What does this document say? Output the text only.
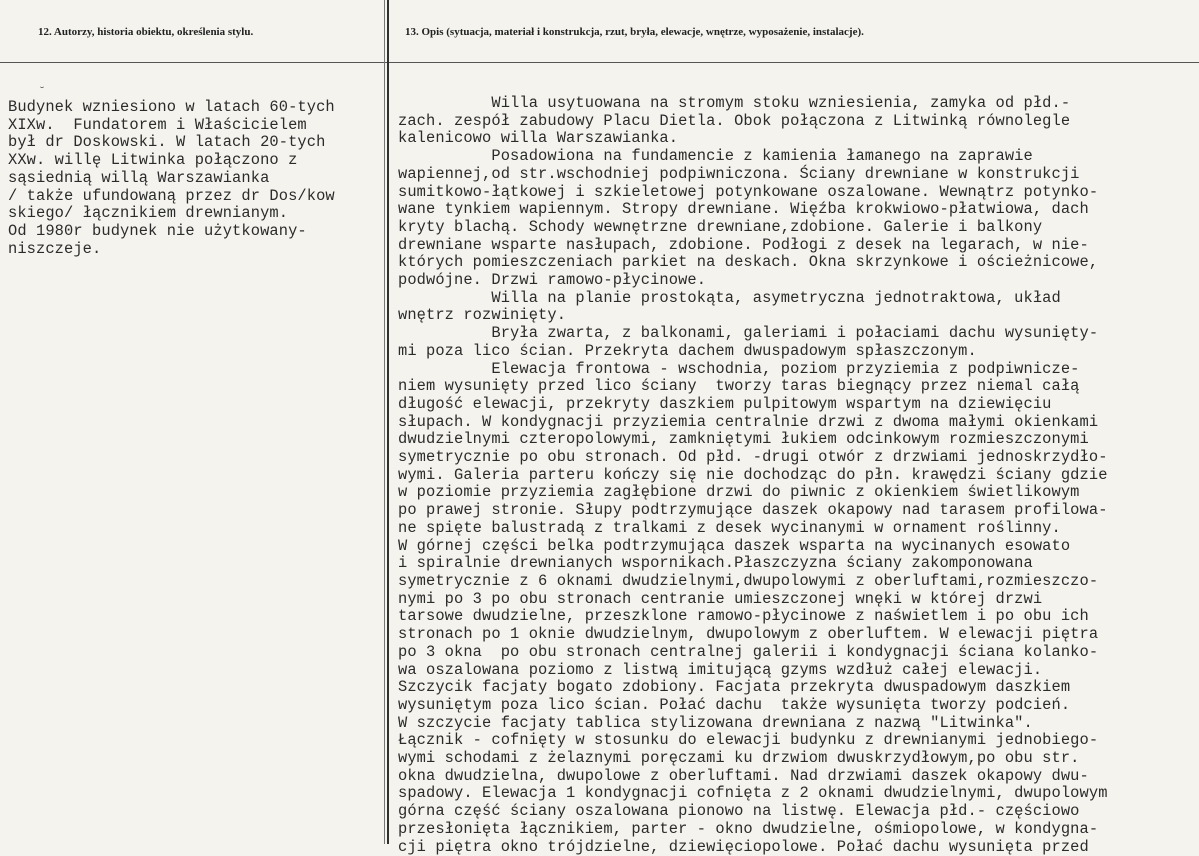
12. Autorzy, historia obiektu, określenia stylu.	13. Opis (sytuacja, materiał i konstrukcja, rzut, bryła, elewacje, wnętrze, wyposażenie, instalacje).
Budynek wzniesiono w latach 60-tych
XIXw.  Fundatorem i Właścicielem
był dr Doskowski. W latach 20-tych
XXw. willę Litwinka połączono z
sąsiednią willą Warszawianka
/ także ufundowaną przez dr Dos/kow
skiego/ łącznikiem drewnianym.
Od 1980r budynek nie użytkowany-
niszczeje.
Willa usytuowana na stromym stoku wzniesienia, zamyka od płd.-
zach. zespół zabudowy Placu Dietla. Obok połączona z Litwinką równolegle
kalenicowo willa Warszawianka.
Posadowiona na fundamencie z kamienia łamanego na zaprawie
wapiennej,od str.wschodniej podpiwniczona. Ściany drewniane w konstrukcji
sumitkowo-łątkowej i szkieletowej potynkowane oszalowane. Wewnątrz potynko-
wane tynkiem wapiennym. Stropy drewniane. Więźba krokwiowo-płatwiowa, dach
kryty blachą. Schody wewnętrzne drewniane,zdobione. Galerie i balkony
drewniane wsparte nasłupach, zdobione. Podłogi z desek na legarach, w nie-
których pomieszczeniach parkiet na deskach. Okna skrzynkowe i ościeżnicowe,
podwójne. Drzwi ramowo-płycinowe.
Willa na planie prostokąta, asymetryczna jednotraktowa, układ
wnętrz rozwinięty.
Bryła zwarta, z balkonami, galeriami i połaciami dachu wysunięty-
mi poza lico ścian. Przekryta dachem dwuspadowym spłaszczonym.
Elewacja frontowa - wschodnia, poziom przyziemia z podpiwnicze-
niem wysunięty przed lico ściany  tworzy taras biegnący przez niemal całą
długość elewacji, przekryty daszkiem pulpitowym wspartym na dziewięciu
słupach. W kondygnacji przyziemia centralnie drzwi z dwoma małymi okienkami
dwudzielnymi czteropolowymi, zamkniętymi łukiem odcinkowym rozmieszczonymi
symetrycznie po obu stronach. Od płd. -drugi otwór z drzwiami jednoskrzydło-
wymi. Galeria parteru kończy się nie dochodząc do płn. krawędzi ściany gdzie
w poziomie przyziemia zagłębione drzwi do piwnic z okienkiem świetlikowym
po prawej stronie. Słupy podtrzymujące daszek okapowy nad tarasem profilowa-
ne spięte balustradą z tralkami z desek wycinanymi w ornament roślinny.
W górnej części belka podtrzymująca daszek wsparta na wycinanych esowato
i spiralnie drewnianych wspornikach.Płaszczyzna ściany zakomponowana
symetrycznie z 6 oknami dwudzielnymi,dwupolowymi z oberluftami,rozmieszczo-
nymi po 3 po obu stronach centranie umieszczonej wnęki w której drzwi
tarsowe dwudzielne, przeszklone ramowo-płycinowe z naświetlem i po obu ich
stronach po 1 oknie dwudzielnym, dwupolowym z oberluftem. W elewacji piętra
po 3 okna  po obu stronach centralnej galerii i kondygnacji ściana kolanko-
wa oszalowana poziomo z listwą imitującą gzyms wzdłuż całej elewacji.
Szczycik facjaty bogato zdobiony. Facjata przekryta dwuspadowym daszkiem
wysuniętym poza lico ścian. Połać dachu  także wysunięta tworzy podcień.
W szczycie facjaty tablica stylizowana drewniana z nazwą "Litwinka".
Łącznik - cofnięty w stosunku do elewacji budynku z drewnianymi jednobiego-
wymi schodami z żelaznymi poręczami ku drzwiom dwuskrzydłowym,po obu str.
okna dwudzielna, dwupolowe z oberluftami. Nad drzwiami daszek okapowy dwu-
spadowy. Elewacja 1 kondygnacji cofnięta z 2 oknami dwudzielnymi, dwupolowym
górna część ściany oszalowana pionowo na listwę. Elewacja płd.- częściowo
przesłonięta łącznikiem, parter - okno dwudzielne, ośmiopolowe, w kondygna-
cji piętra okno trójdzielne, dziewięciopolowe. Połać dachu wysunięta przed
